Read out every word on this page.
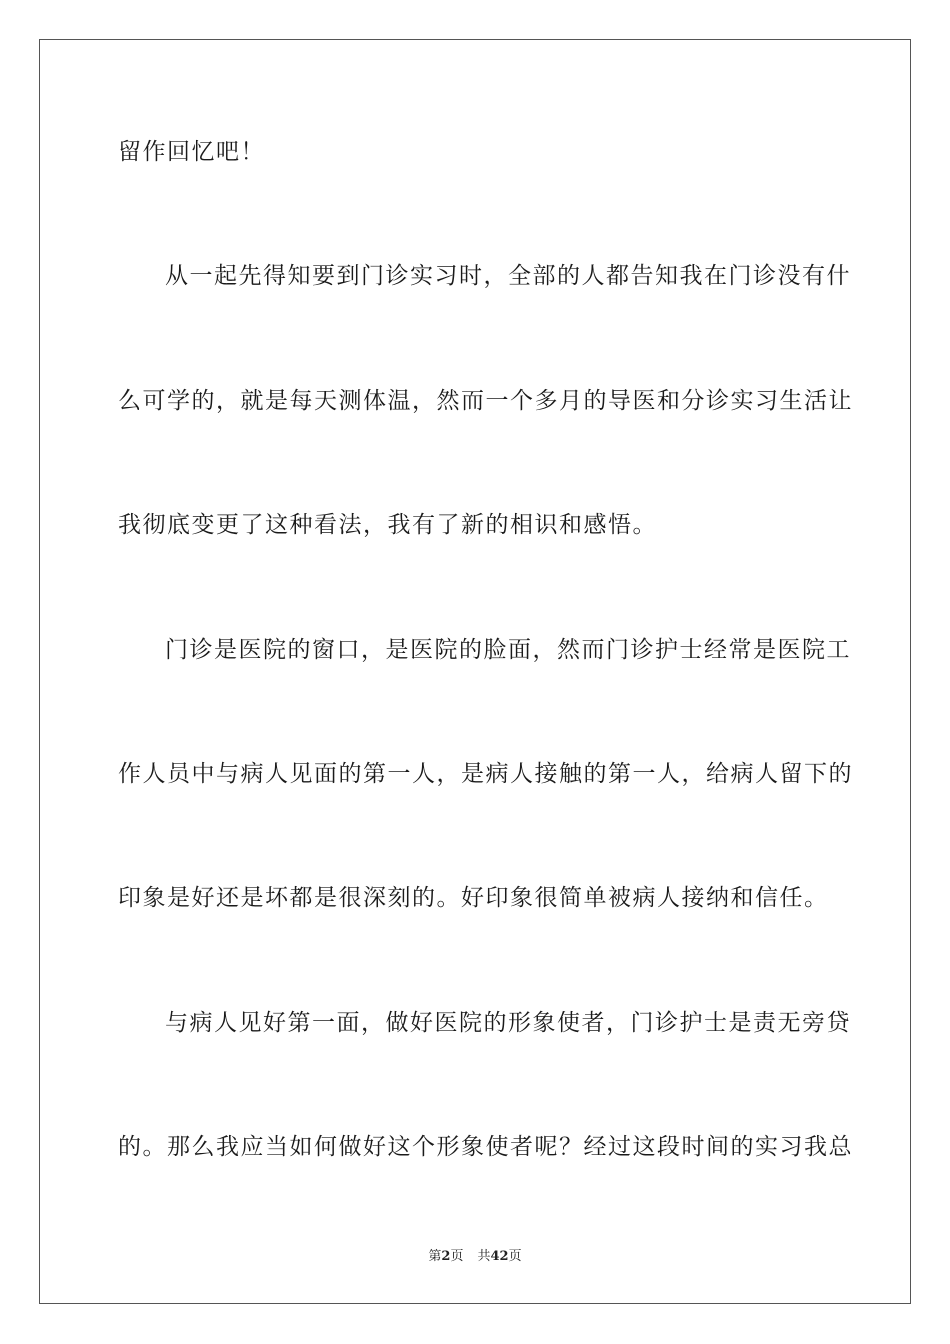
留作回忆吧！
从一起先得知要到门诊实习时，全部的人都告知我在门诊没有什
么可学的，就是每天测体温，然而一个多月的导医和分诊实习生活让
我彻底变更了这种看法，我有了新的相识和感悟。
门诊是医院的窗口，是医院的脸面，然而门诊护士经常是医院工
作人员中与病人见面的第一人，是病人接触的第一人，给病人留下的
印象是好还是坏都是很深刻的。好印象很简单被病人接纳和信任。
与病人见好第一面，做好医院的形象使者，门诊护士是责无旁贷
的。那么我应当如何做好这个形象使者呢？经过这段时间的实习我总
第2页 共42页
